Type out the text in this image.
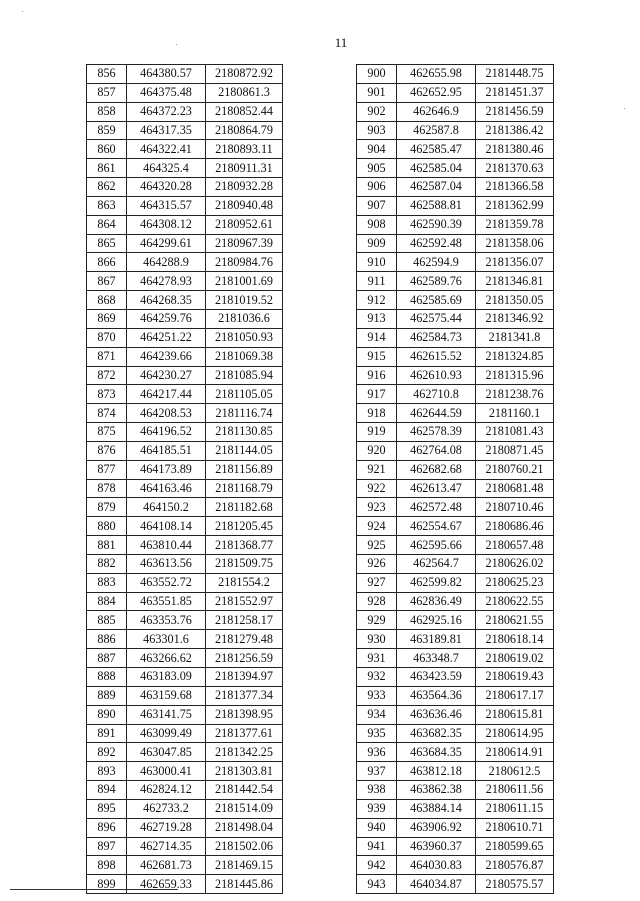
11
856	464380.57	2180872.92
857	464375.48	2180861.3
858	464372.23	2180852.44
859	464317.35	2180864.79
860	464322.41	2180893.11
861	464325.4	2180911.31
862	464320.28	2180932.28
863	464315.57	2180940.48
864	464308.12	2180952.61
865	464299.61	2180967.39
866	464288.9	2180984.76
867	464278.93	2181001.69
868	464268.35	2181019.52
869	464259.76	2181036.6
870	464251.22	2181050.93
871	464239.66	2181069.38
872	464230.27	2181085.94
873	464217.44	2181105.05
874	464208.53	2181116.74
875	464196.52	2181130.85
876	464185.51	2181144.05
877	464173.89	2181156.89
878	464163.46	2181168.79
879	464150.2	2181182.68
880	464108.14	2181205.45
881	463810.44	2181368.77
882	463613.56	2181509.75
883	463552.72	2181554.2
884	463551.85	2181552.97
885	463353.76	2181258.17
886	463301.6	2181279.48
887	463266.62	2181256.59
888	463183.09	2181394.97
889	463159.68	2181377.34
890	463141.75	2181398.95
891	463099.49	2181377.61
892	463047.85	2181342.25
893	463000.41	2181303.81
894	462824.12	2181442.54
895	462733.2	2181514.09
896	462719.28	2181498.04
897	462714.35	2181502.06
898	462681.73	2181469.15
899	462659.33	2181445.86
900	462655.98	2181448.75
901	462652.95	2181451.37
902	462646.9	2181456.59
903	462587.8	2181386.42
904	462585.47	2181380.46
905	462585.04	2181370.63
906	462587.04	2181366.58
907	462588.81	2181362.99
908	462590.39	2181359.78
909	462592.48	2181358.06
910	462594.9	2181356.07
911	462589.76	2181346.81
912	462585.69	2181350.05
913	462575.44	2181346.92
914	462584.73	2181341.8
915	462615.52	2181324.85
916	462610.93	2181315.96
917	462710.8	2181238.76
918	462644.59	2181160.1
919	462578.39	2181081.43
920	462764.08	2180871.45
921	462682.68	2180760.21
922	462613.47	2180681.48
923	462572.48	2180710.46
924	462554.67	2180686.46
925	462595.66	2180657.48
926	462564.7	2180626.02
927	462599.82	2180625.23
928	462836.49	2180622.55
929	462925.16	2180621.55
930	463189.81	2180618.14
931	463348.7	2180619.02
932	463423.59	2180619.43
933	463564.36	2180617.17
934	463636.46	2180615.81
935	463682.35	2180614.95
936	463684.35	2180614.91
937	463812.18	2180612.5
938	463862.38	2180611.56
939	463884.14	2180611.15
940	463906.92	2180610.71
941	463960.37	2180599.65
942	464030.83	2180576.87
943	464034.87	2180575.57
